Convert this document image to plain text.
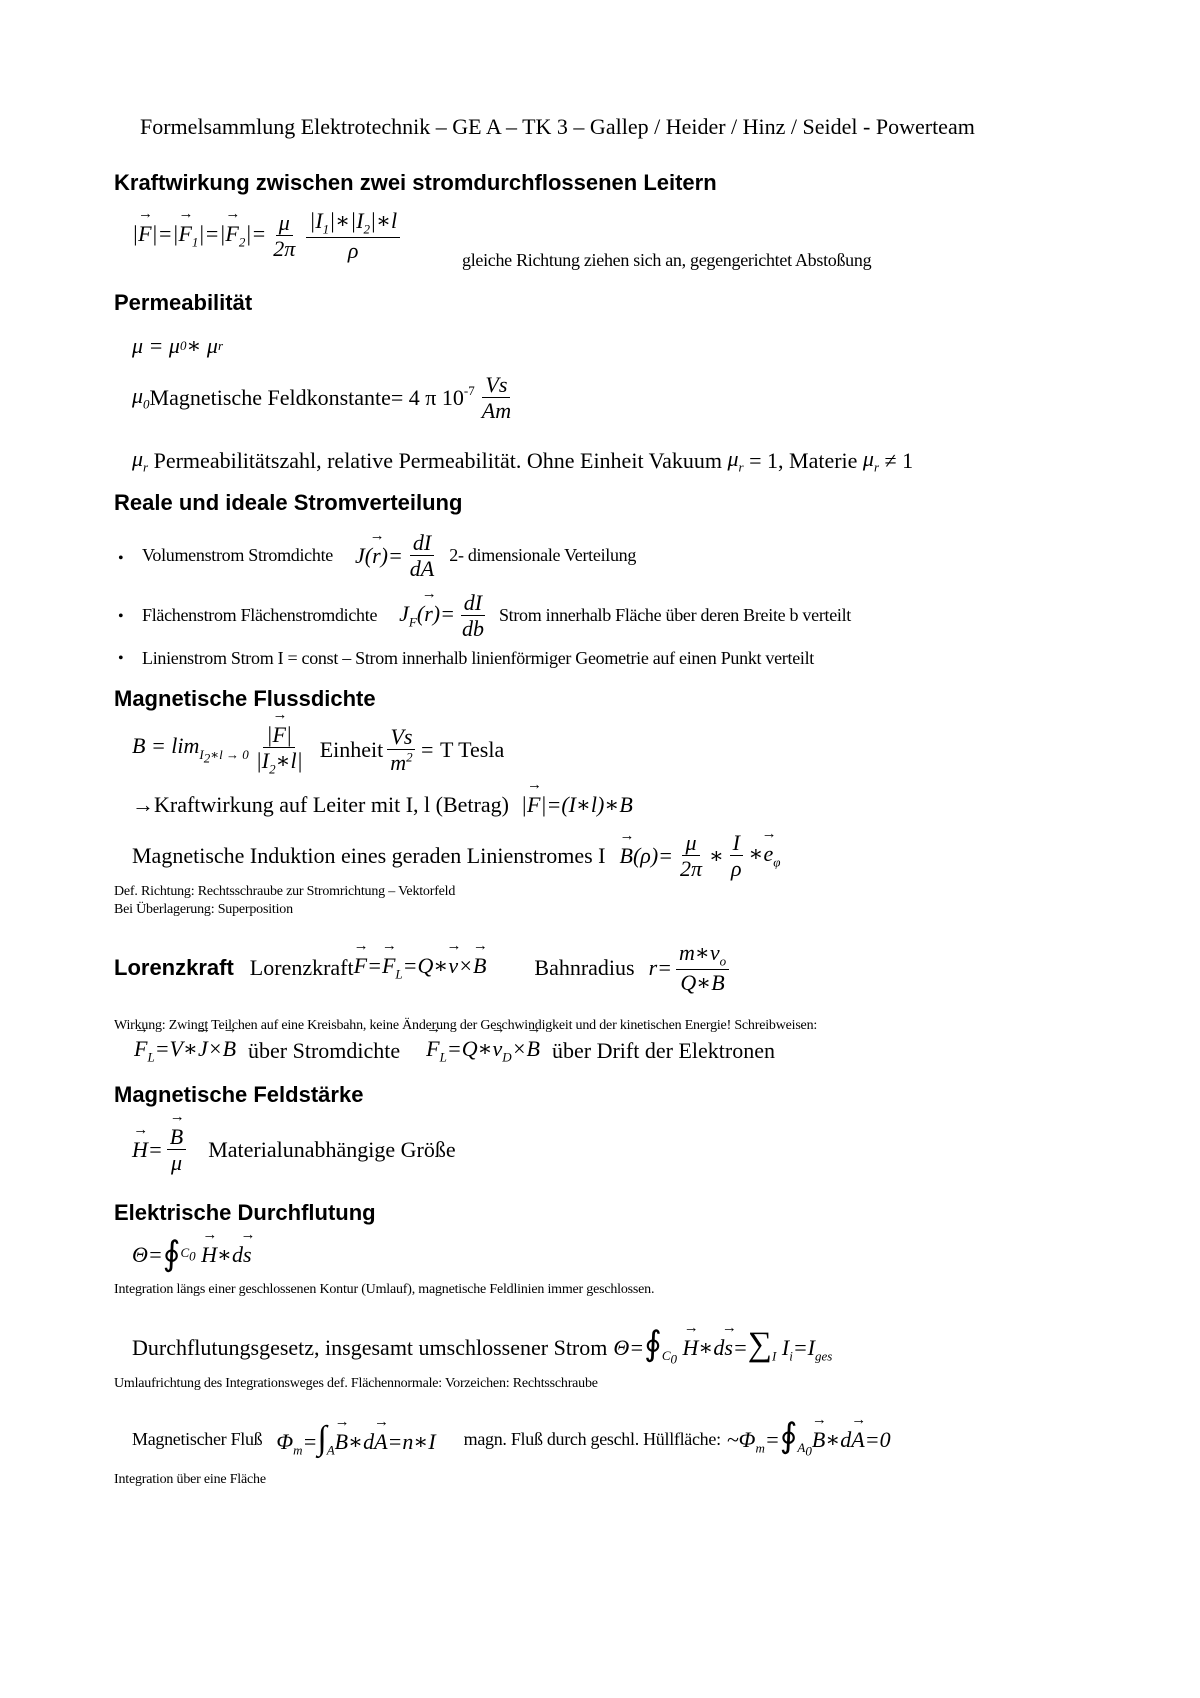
Formelsammlung Elektrotechnik – GE A – TK 3 – Gallep / Heider / Hinz / Seidel - Powerteam
Kraftwirkung zwischen zwei stromdurchflossenen Leitern
|→ $F|=|\to F_1|=|\to F_2|= \frac{\mu}{2\pi} \frac{|I_1|∗|I_2|∗l}{\rho}$	gleiche Richtung ziehen sich an, gegengerichtet Abstoßung
Permeabilität
μ = μ 0 ∗ μ r
$\mu_0$ Magnetische Feldkonstante = 4 π $10^{-7} \frac{Vs}{Am}$
$\mu_r$ Permeabilitätszahl, relative Permeabilität. Ohne Einheit Vakuum $\mu_r = 1$, Materie $\mu_r \ne 1$
Reale und ideale Stromverteilung
• Volumenstrom Stromdichte $J(\to r)= \frac{dI}{dA} 2-$ dimensionale Verteilung
• Flächenstrom Flächenstromdichte $J_F(\to r)= \frac{dI}{db}$ Strom innerhalb Fläche über deren Breite b verteilt
• Linienstrom Strom I = const – Strom innerhalb linienförmiger Geometrie auf einen Punkt verteilt
Magnetische Flussdichte
$B = \lim_{I_2∗l \to 0} \frac{|\to F|}{|I_2∗l|}$ Einheit $\frac{Vs}{m^2} = T$ Tesla
→Kraftwirkung auf Leiter mit I, l (Betrag) |→ F|=(I∗l)∗B
Magnetische Induktion eines geraden Linienstromes I
→ $B(\rho)= \frac{\mu}{2\pi}$ ∗ $\frac{I}{\rho}$ ∗→ $e_\varphi$
Def. Richtung: Rechtsschraube zur Stromrichtung – Vektorfeld
Bei Überlagerung: Superposition
Lorenzkraft Lorenzkraft
→ $F=\to F_L=Q∗\to v\times\to B$ Bahnradius $r= \frac{m∗v_o}{Q∗B}$
Wirkung: Zwingt Teilchen auf eine Kreisbahn, keine Änderung der Geschwindigkeit und der kinetischen Energie! Schreibweisen:
→ $F_L=V∗\to J\times\to B$ über Stromdichte
→ $F_L=Q∗\to v_D\times\to B$ über Drift der Elektronen
Magnetische Feldstärke
→ H=
→ $\frac{B}{\mu}$ Materialunabhängige Größe
Elektrische Durchflutung
Θ= ∮ $C_0$

→ H ∗d
→ s
Integration längs einer geschlossenen Kontur (Umlauf), magnetische Feldlinien immer geschlossen.
Durchflutungsgesetz, insgesamt umschlossener Strom $\Theta=∮_{C_0}$ → H∗d→ $s=\sum_I$ $I_i=I_{ges}$
Umlaufrichtung des Integrationsweges def. Flächennormale: Vorzeichen: Rechtsschraube
Magnetischer Fluß $\Phi_m=\int_A\to$ B∗d→ A=n∗I magn. Fluß durch geschl. Hüllfläche: $\sim\Phi_m=∮_{A_0}\to$ B∗d→ A=0
Integration über eine Fläche
